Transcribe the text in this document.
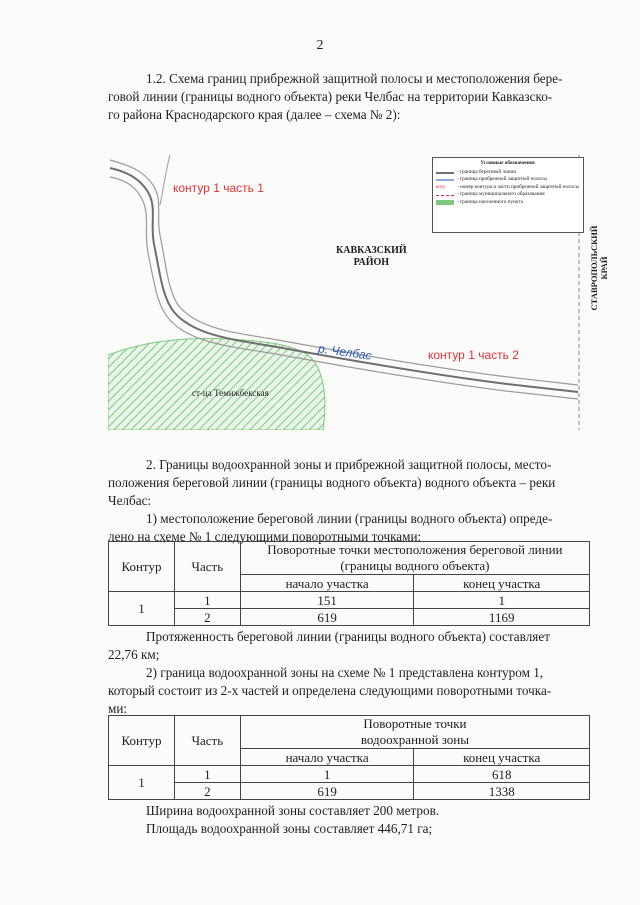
2
1.2. Схема границ прибрежной защитной полосы и местоположения бере-
говой линии (границы водного объекта) реки Челбас на территории Кавказско-
го района Краснодарского края (далее – схема № 2):
контур 1 часть 1
контур 1 часть 2
КАВКАЗСКИЙ
РАЙОН
р. Челбас
ст-ца Темижбекская
СТАВРОПОЛЬСКИЙ КРАЙ
Условные обозначения:
- граница береговой линии
- граница прибрежной защитной полосы
вп/р	- номер контура и части прибрежной защитной полосы
- граница муниципального образования
- граница населенного пункта
2. Границы водоохранной зоны и прибрежной защитной полосы, место-
положения береговой линии (границы водного объекта) водного объекта – реки
Челбас:
1) местоположение береговой линии (границы водного объекта) опреде-
лено на схеме № 1 следующими поворотными точками:
Контур	Часть	Поворотные точки местоположения береговой линии
(границы водного объекта)	

		начало участка	конец участка
1	1	151	1
	2	619	1169
Протяженность береговой линии (границы водного объекта) составляет
22,76 км;
2) граница водоохранной зоны на схеме № 1 представлена контуром 1,
который состоит из 2-х частей и определена следующими поворотными точка-
ми:
Контур	Часть	Поворотные точки
водоохранной зоны	

		начало участка	конец участка
1	1	1	618
	2	619	1338
Ширина водоохранной зоны составляет 200 метров.
Площадь водоохранной зоны составляет 446,71 га;
